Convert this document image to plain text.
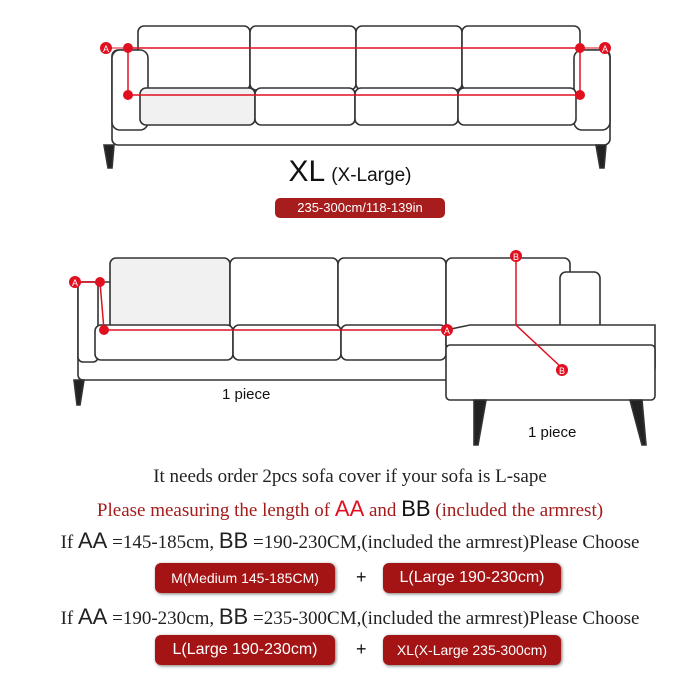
A	A
A
A
B
B
XL (X-Large)
235-300cm/118-139in
1 piece
1 piece
It needs order 2pcs sofa cover if your sofa is L-sape
Please measuring the length of AA and BB (included the armrest)
If AA =145-185cm, BB =190-230CM,(included the armrest)Please Choose
M(Medium 145-185CM)	+	L(Large 190-230cm)
If AA =190-230cm, BB =235-300CM,(included the armrest)Please Choose
L(Large 190-230cm)	+	XL(X-Large 235-300cm)
